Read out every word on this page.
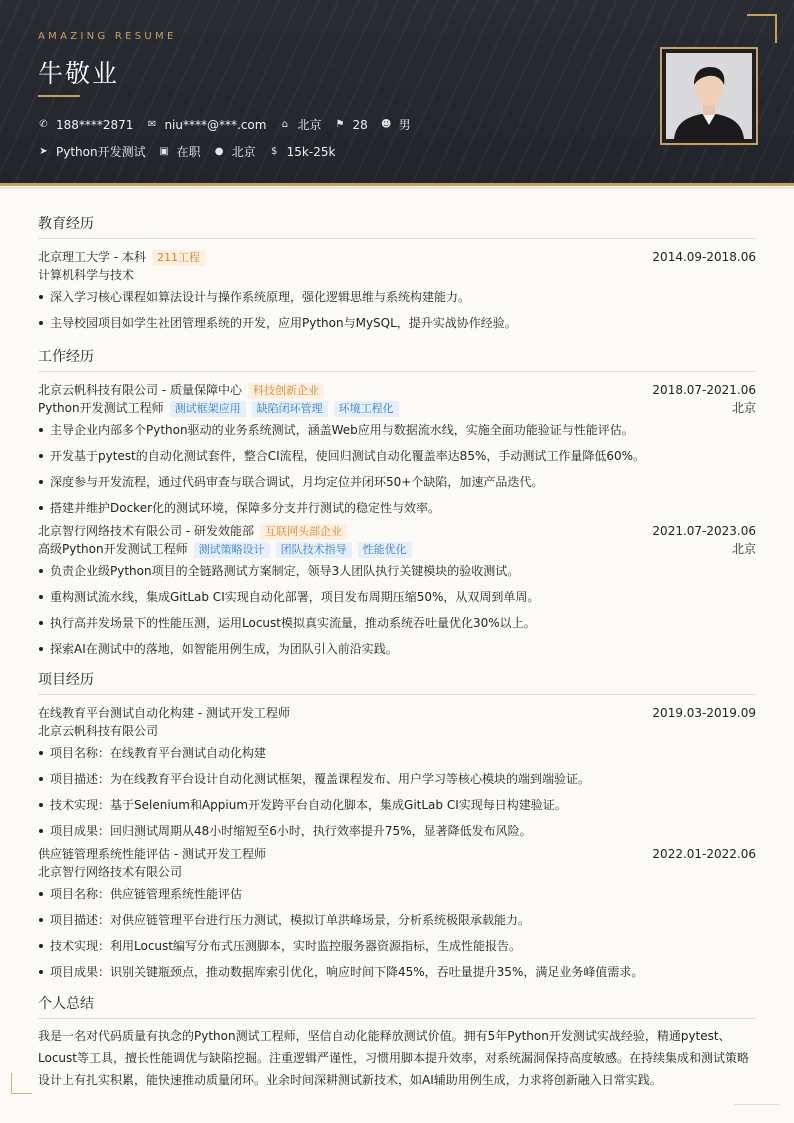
AMAZING RESUME
牛敬业
✆ 188****2871 ✉ niu****@***.com ⌂ 北京 ⚑ 28 ☻ 男
➤ Python开发测试 ▣ 在职 ● 北京 $ 15k-25k
教育经历
北京理工大学 - 本科 211工程	2014.09-2018.06
计算机科学与技术
深入学习核心课程如算法设计与操作系统原理，强化逻辑思维与系统构建能力。
主导校园项目如学生社团管理系统的开发，应用Python与MySQL，提升实战协作经验。
工作经历
北京云帆科技有限公司 - 质量保障中心 科技创新企业	2018.07-2021.06
Python开发测试工程师 测试框架应用 缺陷闭环管理 环境工程化	北京
主导企业内部多个Python驱动的业务系统测试，涵盖Web应用与数据流水线，实施全面功能验证与性能评估。
开发基于pytest的自动化测试套件，整合CI流程，使回归测试自动化覆盖率达85%，手动测试工作量降低60%。
深度参与开发流程，通过代码审查与联合调试，月均定位并闭环50+个缺陷，加速产品迭代。
搭建并维护Docker化的测试环境，保障多分支并行测试的稳定性与效率。
北京智行网络技术有限公司 - 研发效能部 互联网头部企业	2021.07-2023.06
高级Python开发测试工程师 测试策略设计 团队技术指导 性能优化	北京
负责企业级Python项目的全链路测试方案制定，领导3人团队执行关键模块的验收测试。
重构测试流水线，集成GitLab CI实现自动化部署，项目发布周期压缩50%，从双周到单周。
执行高并发场景下的性能压测，运用Locust模拟真实流量，推动系统吞吐量优化30%以上。
探索AI在测试中的落地，如智能用例生成，为团队引入前沿实践。
项目经历
在线教育平台测试自动化构建 - 测试开发工程师	2019.03-2019.09
北京云帆科技有限公司
项目名称：在线教育平台测试自动化构建
项目描述：为在线教育平台设计自动化测试框架，覆盖课程发布、用户学习等核心模块的端到端验证。
技术实现：基于Selenium和Appium开发跨平台自动化脚本，集成GitLab CI实现每日构建验证。
项目成果：回归测试周期从48小时缩短至6小时，执行效率提升75%，显著降低发布风险。
供应链管理系统性能评估 - 测试开发工程师	2022.01-2022.06
北京智行网络技术有限公司
项目名称：供应链管理系统性能评估
项目描述：对供应链管理平台进行压力测试，模拟订单洪峰场景，分析系统极限承载能力。
技术实现：利用Locust编写分布式压测脚本，实时监控服务器资源指标，生成性能报告。
项目成果：识别关键瓶颈点，推动数据库索引优化，响应时间下降45%，吞吐量提升35%，满足业务峰值需求。
个人总结
我是一名对代码质量有执念的Python测试工程师，坚信自动化能释放测试价值。拥有5年Python开发测试实战经验，精通pytest、Locust等工具，擅长性能调优与缺陷挖掘。注重逻辑严谨性，习惯用脚本提升效率，对系统漏洞保持高度敏感。在持续集成和测试策略设计上有扎实积累，能快速推动质量闭环。业余时间深耕测试新技术，如AI辅助用例生成，力求将创新融入日常实践。
